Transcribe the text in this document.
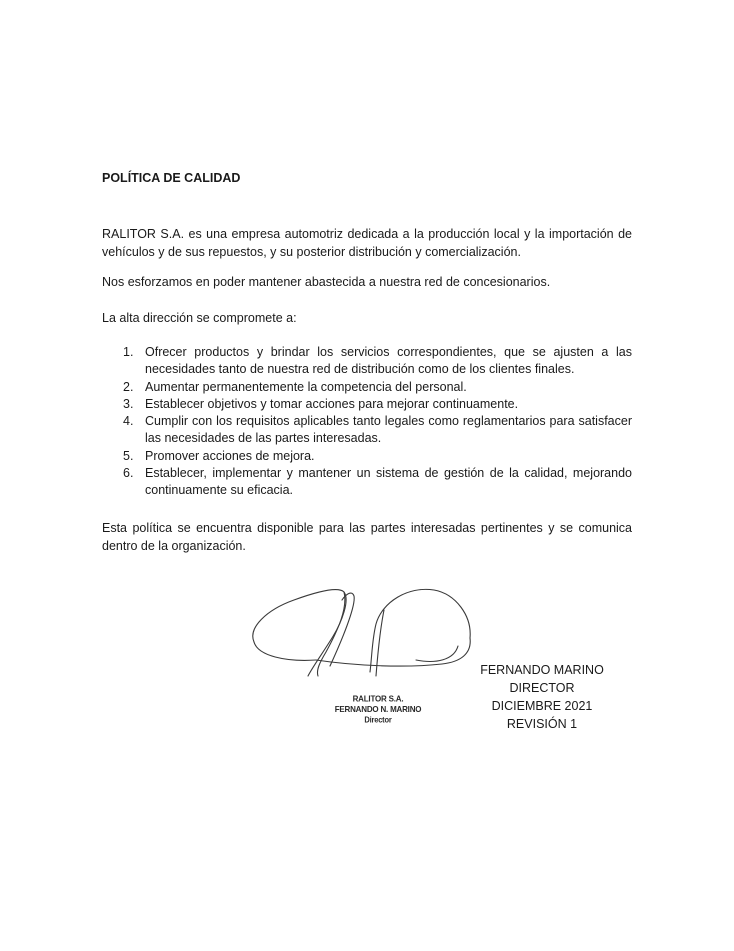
POLÍTICA DE CALIDAD

RALITOR S.A. es una empresa automotriz dedicada a la producción local y la importación de vehículos y de sus repuestos, y su posterior distribución y comercialización.

Nos esforzamos en poder mantener abastecida a nuestra red de concesionarios.

La alta dirección se compromete a:

1. Ofrecer productos y brindar los servicios correspondientes, que se ajusten a las necesidades tanto de nuestra red de distribución como de los clientes finales.
2. Aumentar permanentemente la competencia del personal.
3. Establecer objetivos y tomar acciones para mejorar continuamente.
4. Cumplir con los requisitos aplicables tanto legales como reglamentarios para satisfacer las necesidades de las partes interesadas.
5. Promover acciones de mejora.
6. Establecer, implementar y mantener un sistema de gestión de la calidad, mejorando continuamente su eficacia.

Esta política se encuentra disponible para las partes interesadas pertinentes y se comunica dentro de la organización.

RALITOR S.A.
FERNANDO N. MARINO
Director
FERNANDO MARINO
DIRECTOR
DICIEMBRE 2021
REVISIÓN 1
